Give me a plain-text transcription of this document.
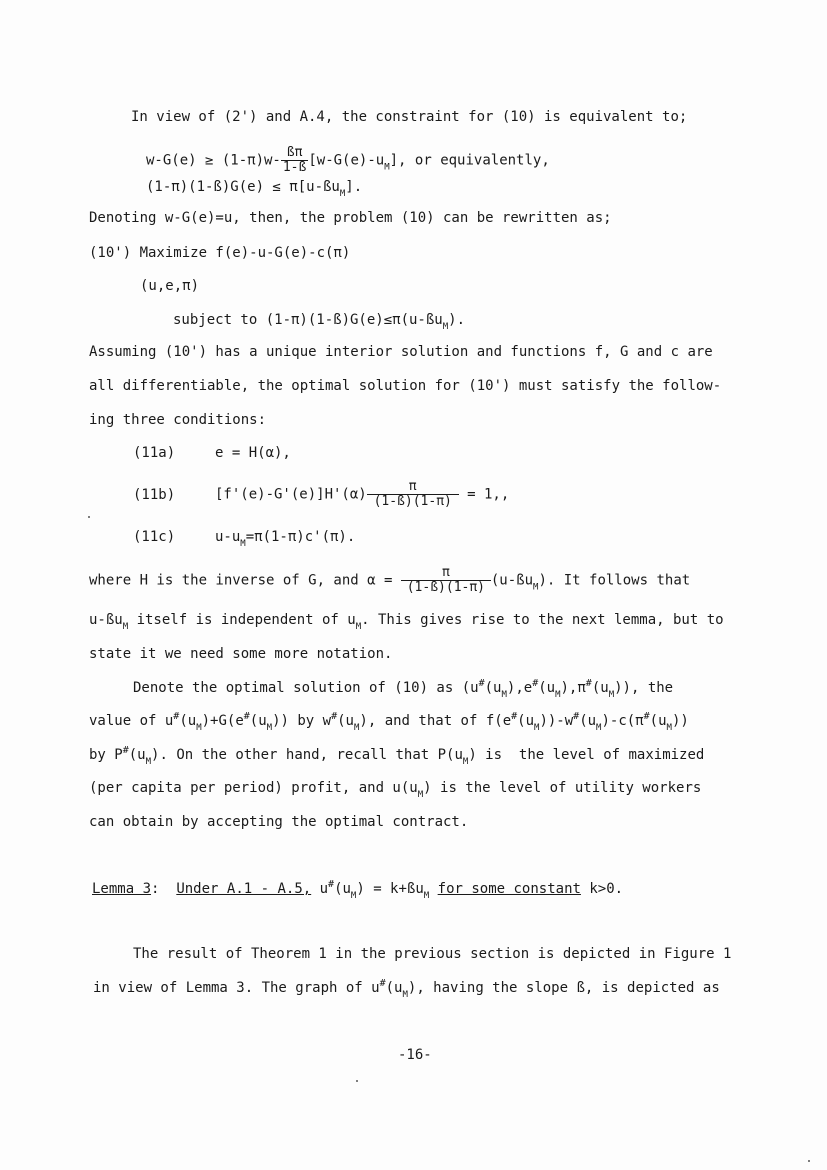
In view of (2') and A.4, the constraint for (10) is equivalent to;
$w-G(e) \ge (1-\pi)w- \frac{ß\pi}{1-ß} [w-G(e)-u_M]$, or equivalently,
(1-π)(1-ß)G(e) ≤ $\pi[u-ßu_M]$.
Denoting w-G(e)=u, then, the problem (10) can be rewritten as;
(10') Maximize f(e)-u-G(e)-c(π)
(u,e,π)
subject to $(1-\pi)(1-ß)G(e)\le\pi(u-ßu_M)$.
Assuming (10') has a unique interior solution and functions f, G and c are
all differentiable, the optimal solution for (10') must satisfy the follow-
ing three conditions:
(11a)	e = H(α),
(11b)	$[f'(e)-G'(e)]H'(\alpha) \frac{\pi}{(1-ß)(1-\pi)} = 1$,,
(11c)	$u-u_M=\pi(1-\pi)c'(\pi)$.
where H is the inverse of G, and $\alpha = \frac{\pi}{(1-ß)(1-\pi)}$ $(u-ßu_M)$. It follows that
$u-ßu_M$ itself is independent of $u_M$. This gives rise to the next lemma, but to
state it we need some more notation.
Denote the optimal solution of (10) as $(u^{\#}(u_M),e^{\#}(u_M),\pi^{\#}(u_M))$, the
value of $u^{\#}(u_M)+G(e^{\#}(u_M))$ by $w^{\#}(u_M)$, and that of $f(e^{\#}(u_M))-w^{\#}(u_M)-c(\pi^{\#}(u_M))$
by $P^{\#}(u_M)$. On the other hand, recall that $P(u_M)$ is  the level of maximized
(per capita per period) profit, and $u(u_M)$ is the level of utility workers
can obtain by accepting the optimal contract.
Lemma 3:  Under A.1 - A.5, $u^{\#}(u_M)$ = $k+ßu_M$ for some constant k>0.
The result of Theorem 1 in the previous section is depicted in Figure 1
in view of Lemma 3. The graph of $u^{\#}(u_M)$, having the slope ß, is depicted as
-16-
